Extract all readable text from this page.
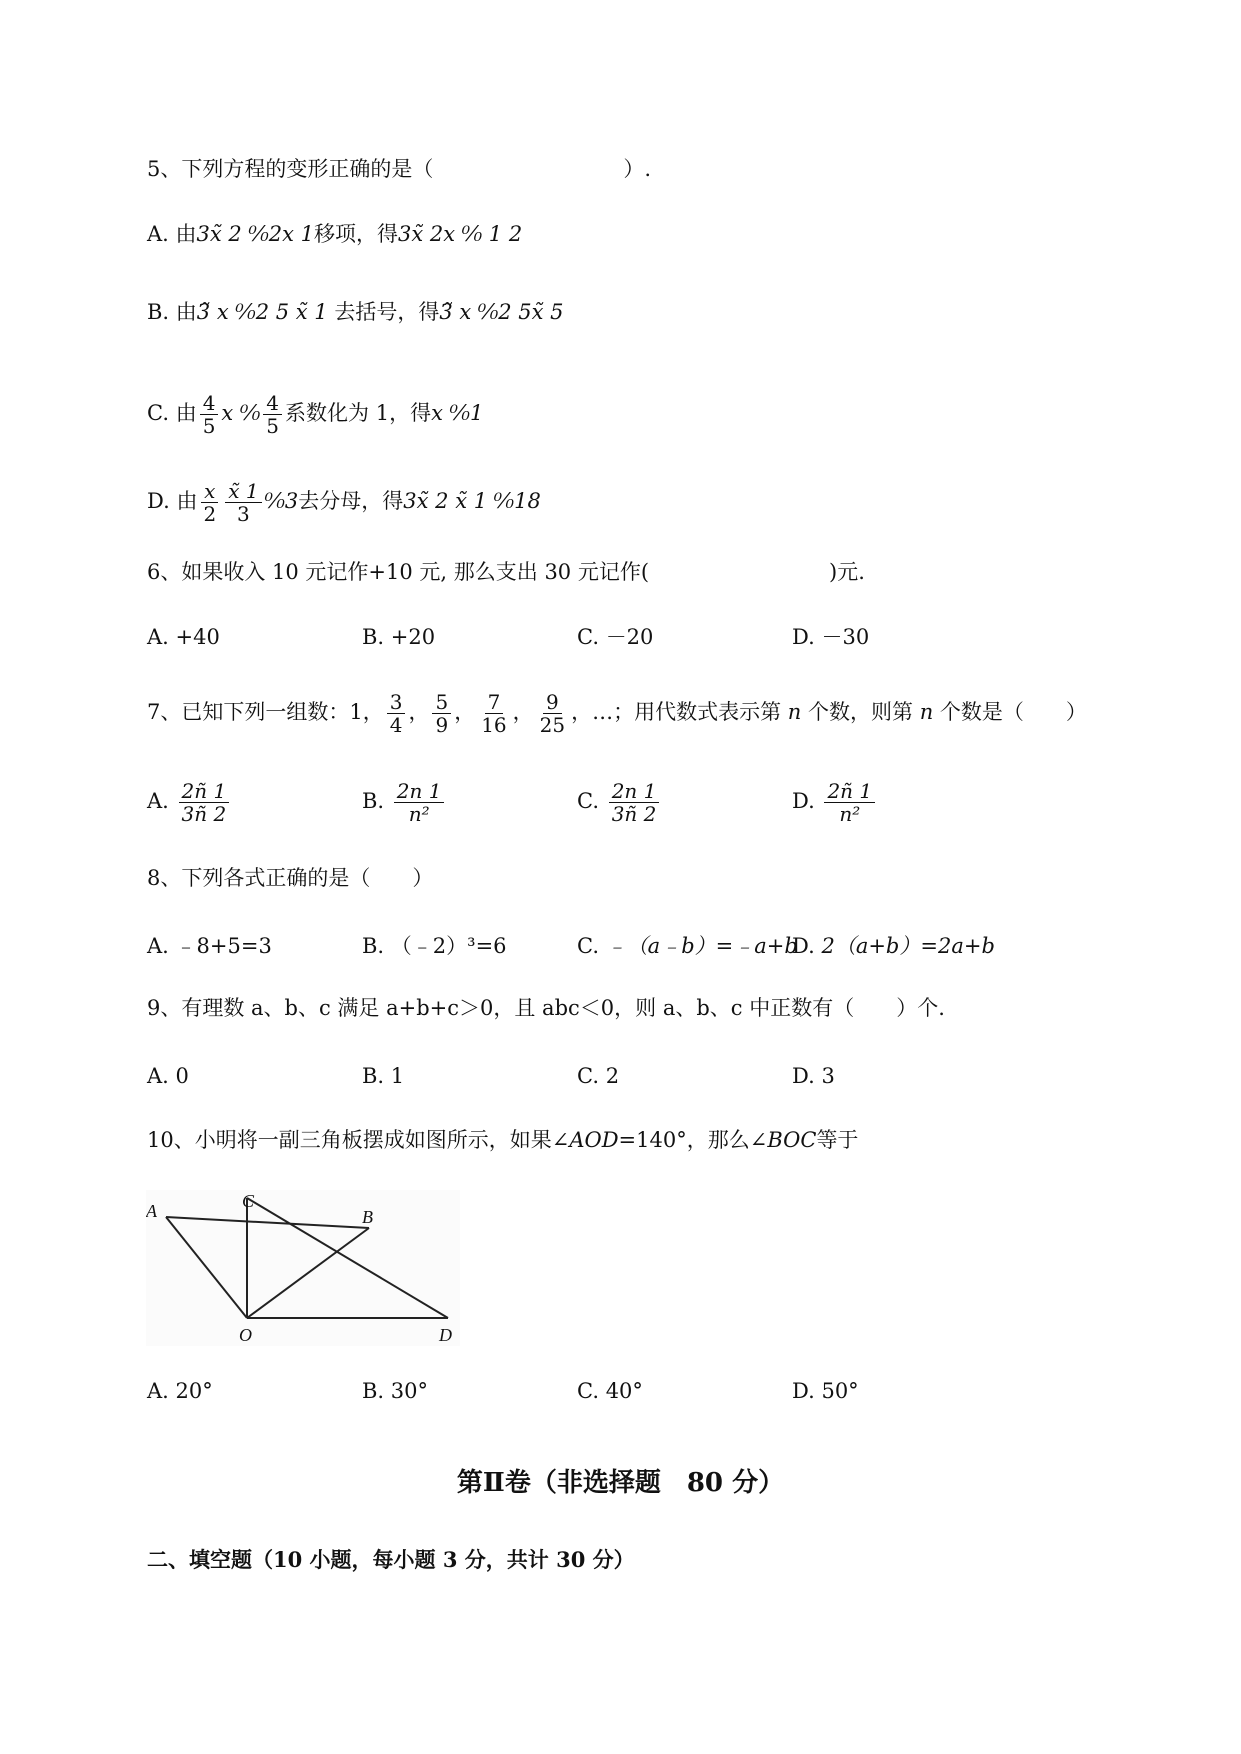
5、下列方程的变形正确的是（	）.
A. 由3x̃ 2 ⁰⁄₀2x 1移项，得3x̃ 2x ⁰⁄₀ 1 2
B. 由3̃ x ⁰⁄₀2 5 x̃ 1 去括号，得3̃ x ⁰⁄₀2 5x̃ 5
C. 由 $\frac{4}{5}$ x ⁰⁄₀ $\frac{4}{5}$ 系数化为 1，得x ⁰⁄₀1
D. 由 $\frac{x}{2} \frac{x̃ 1}{3}$ ⁰⁄₀3去分母，得3x̃ 2 x̃ 1 ⁰⁄₀18
6、如果收入 10 元记作+10 元, 那么支出 30 元记作(	)元.
A. +40	B. +20	C. －20	D. －30
7、已知下列一组数：1， $\frac{3}{4}$ ， $\frac{5}{9}$ ， $\frac{7}{16}$ ， $\frac{9}{25}$ ，…；用代数式表示第 n 个数，则第 n 个数是（　　）
A. $\frac{2ñ 1}{3ñ 2}$	B. $\frac{2n 1}{\text{n²}}$	C. $\frac{2n 1}{3ñ 2}$	D. $\frac{2ñ 1}{\text{n²}}$
8、下列各式正确的是（　　）
A. ﹣8+5=3	B. （﹣2）³=6	C. ﹣（a﹣b）=﹣a+b
D. 2（a+b）=2a+b
9、有理数 a、b、c 满足 a+b+c＞0，且 abc＜0，则 a、b、c 中正数有（　　）个.
A. 0	B. 1	C. 2	D. 3
10、小明将一副三角板摆成如图所示，如果∠AOD=140°，那么∠BOC等于
A	C
B
O	D
A. 20°	B. 30°	C. 40°	D. 50°
第Ⅱ卷（非选择题　80 分）
二、填空题（10 小题，每小题 3 分，共计 30 分）
